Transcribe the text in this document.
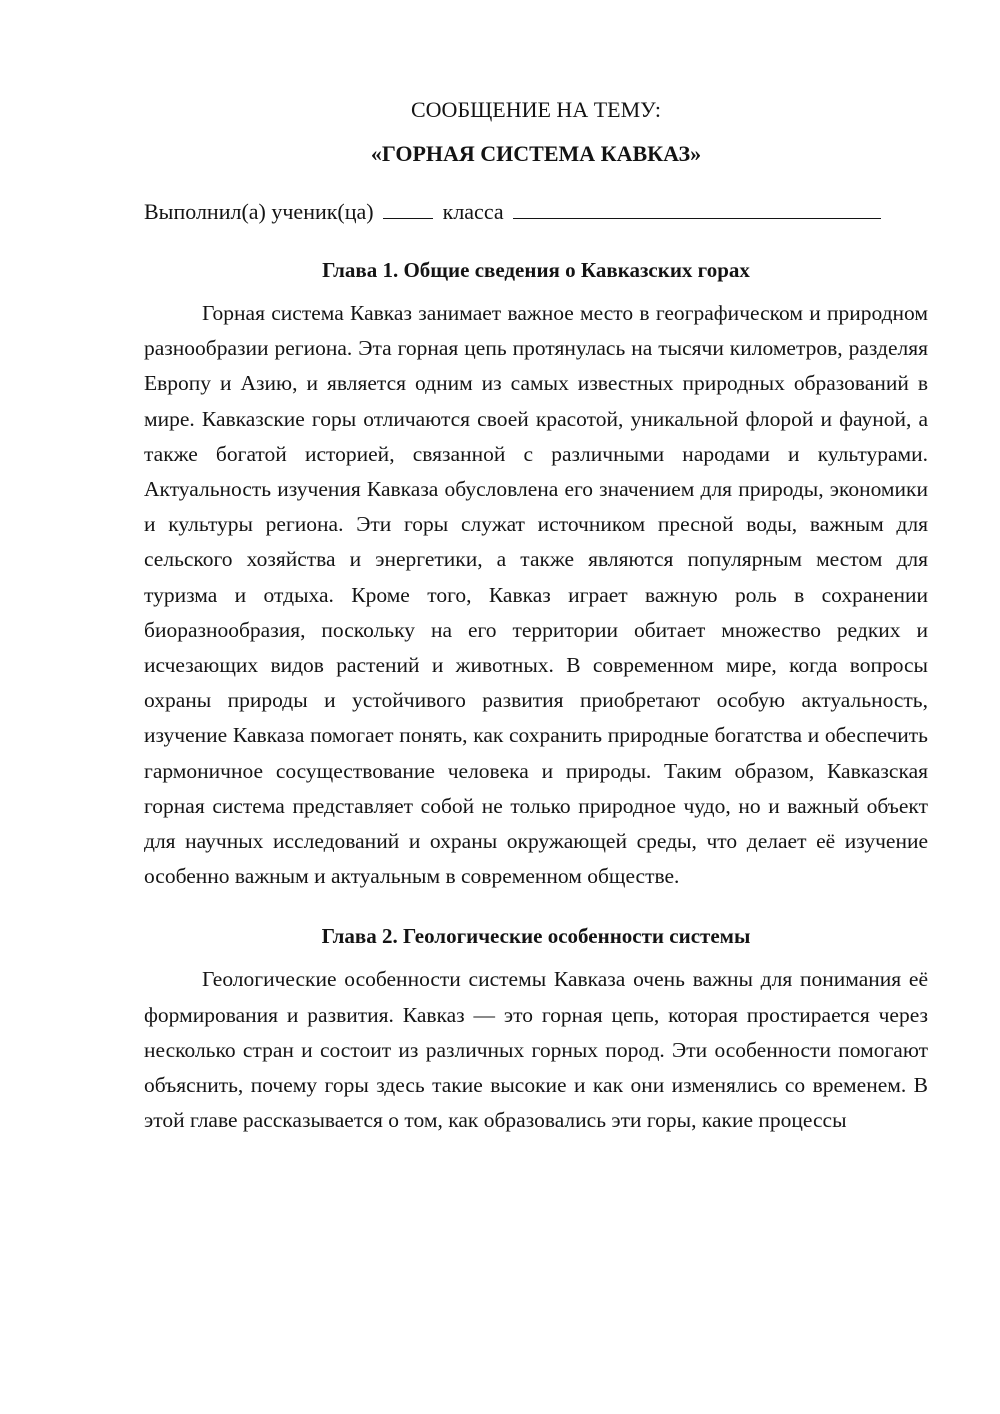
СООБЩЕНИЕ НА ТЕМУ:
«ГОРНАЯ СИСТЕМА КАВКАЗ»
Выполнил(а) ученик(ца)	класса
Глава 1. Общие сведения о Кавказских горах

Горная система Кавказ занимает важное место в географическом и природном разнообразии региона. Эта горная цепь протянулась на тысячи километров, разделяя Европу и Азию, и является одним из самых известных природных образований в мире. Кавказские горы отличаются своей красотой, уникальной флорой и фауной, а также богатой историей, связанной с различными народами и культурами. Актуальность изучения Кавказа обусловлена его значением для природы, экономики и культуры региона. Эти горы служат источником пресной воды, важным для сельского хозяйства и энергетики, а также являются популярным местом для туризма и отдыха. Кроме того, Кавказ играет важную роль в сохранении биоразнообразия, поскольку на его территории обитает множество редких и исчезающих видов растений и животных. В современном мире, когда вопросы охраны природы и устойчивого развития приобретают особую актуальность, изучение Кавказа помогает понять, как сохранить природные богатства и обеспечить гармоничное сосуществование человека и природы. Таким образом, Кавказская горная система представляет собой не только природное чудо, но и важный объект для научных исследований и охраны окружающей среды, что делает её изучение особенно важным и актуальным в современном обществе.

Глава 2. Геологические особенности системы

Геологические особенности системы Кавказа очень важны для понимания её формирования и развития. Кавказ — это горная цепь, которая простирается через несколько стран и состоит из различных горных пород. Эти особенности помогают объяснить, почему горы здесь такие высокие и как они изменялись со временем. В этой главе рассказывается о том, как образовались эти горы, какие процессы
